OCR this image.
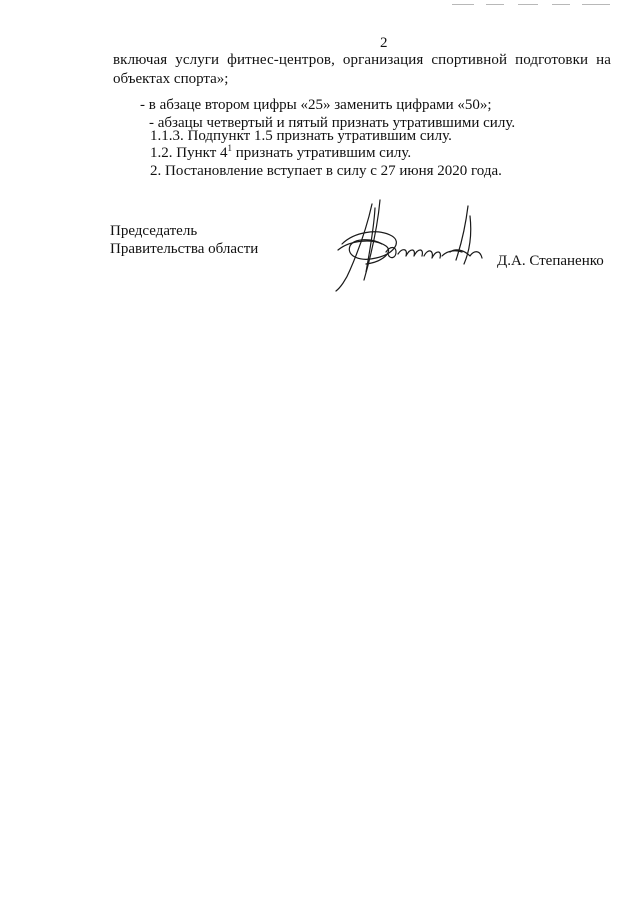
2
включая услуги фитнес-центров, организация спортивной подготовки на
объектах спорта»;
- в абзаце втором цифры «25» заменить цифрами «50»;
- абзацы четвертый и пятый признать утратившими силу.
1.1.3. Подпункт 1.5 признать утратившим силу.
1.2. Пункт $4^1$ признать утратившим силу.
2. Постановление вступает в силу с 27 июня 2020 года.
Председатель
Правительства области
Д.А. Степаненко
